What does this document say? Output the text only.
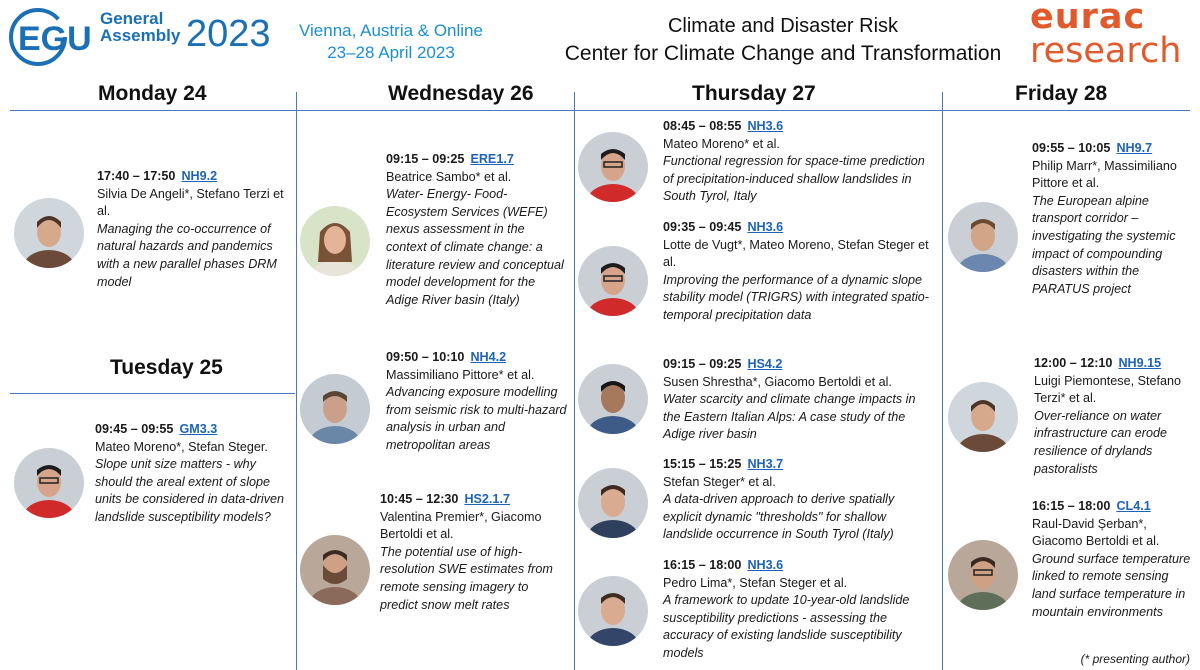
EGU
General
Assembly 2023	Vienna, Austria & Online
23–28 April 2023
Climate and Disaster Risk
Center for Climate Change and Transformation
eurac
research
Monday 24
Tuesday 25
Wednesday 26	Thursday 27	Friday 28
17:40 – 17:50 NH9.2
Silvia De Angeli*, Stefano Terzi et al.
Managing the co-occurrence of natural hazards and pandemics with a new parallel phases DRM model
09:45 – 09:55 GM3.3
Mateo Moreno*, Stefan Steger.
Slope unit size matters - why should the areal extent of slope units be considered in data-driven landslide susceptibility models?
09:15 – 09:25 ERE1.7
Beatrice Sambo* et al.
Water- Energy- Food-Ecosystem Services (WEFE) nexus assessment in the context of climate change: a literature review and conceptual model development for the Adige River basin (Italy)
09:50 – 10:10 NH4.2
Massimiliano Pittore* et al.
Advancing exposure modelling from seismic risk to multi-hazard analysis in urban and metropolitan areas
10:45 – 12:30 HS2.1.7
Valentina Premier*, Giacomo Bertoldi et al.
The potential use of high-resolution SWE estimates from remote sensing imagery to predict snow melt rates
08:45 – 08:55 NH3.6
Mateo Moreno* et al.
Functional regression for space-time prediction of precipitation-induced shallow landslides in South Tyrol, Italy
09:35 – 09:45 NH3.6
Lotte de Vugt*, Mateo Moreno, Stefan Steger et al.
Improving the performance of a dynamic slope stability model (TRIGRS) with integrated spatio-temporal precipitation data
09:15 – 09:25 HS4.2
Susen Shrestha*, Giacomo Bertoldi et al.
Water scarcity and climate change impacts in the Eastern Italian Alps: A case study of the Adige river basin
15:15 – 15:25 NH3.7
Stefan Steger* et al.
A data-driven approach to derive spatially explicit dynamic "thresholds" for shallow landslide occurrence in South Tyrol (Italy)
16:15 – 18:00 NH3.6
Pedro Lima*, Stefan Steger et al.
A framework to update 10-year-old landslide susceptibility predictions - assessing the accuracy of existing landslide susceptibility models
09:55 – 10:05 NH9.7
Philip Marr*, Massimiliano Pittore et al.
The European alpine transport corridor – investigating the systemic impact of compounding disasters within the PARATUS project
12:00 – 12:10 NH9.15
Luigi Piemontese, Stefano Terzi* et al.
Over-reliance on water infrastructure can erode resilience of drylands pastoralists
16:15 – 18:00 CL4.1
Raul-David Șerban*, Giacomo Bertoldi et al.
Ground surface temperature linked to remote sensing land surface temperature in mountain environments
(* presenting author)
